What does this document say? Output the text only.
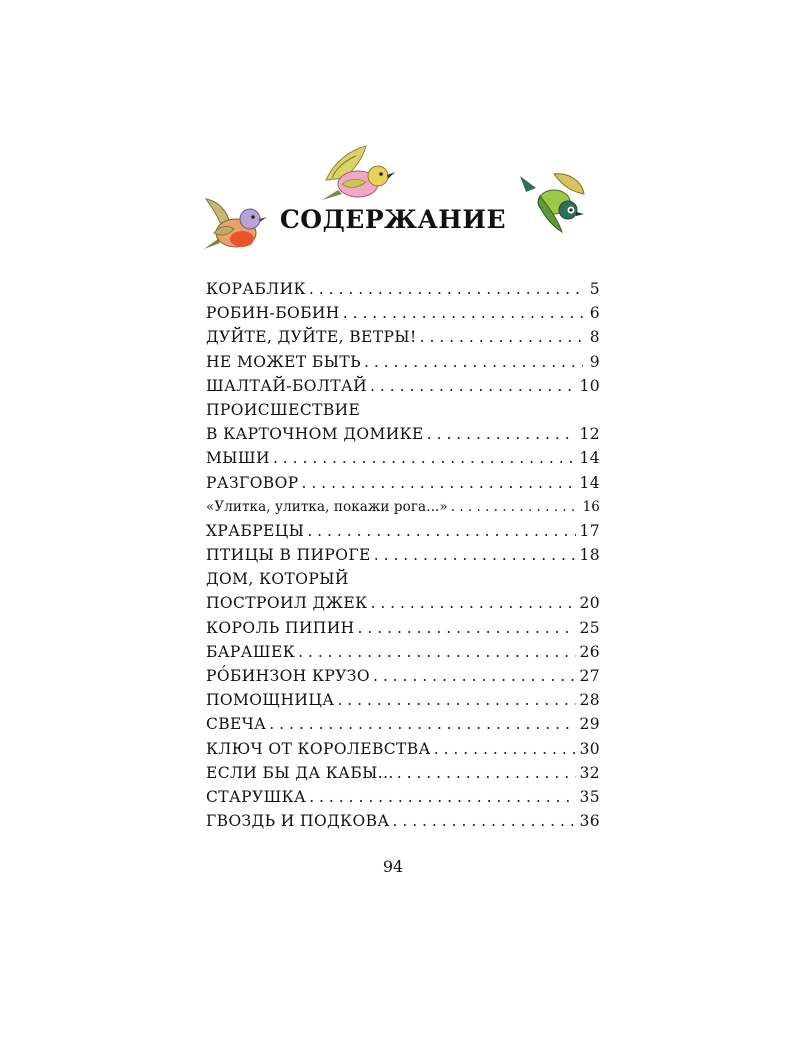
СОДЕРЖАНИЕ
КОРАБЛИК . . .	5
РОБИН-БОБИН . . .	6
ДУЙТЕ, ДУЙТЕ, ВЕТРЫ! . . .	8
НЕ МОЖЕТ БЫТЬ . . .	9
ШАЛТАЙ-БОЛТАЙ . . .	10
ПРОИСШЕСТВИЕ
В КАРТОЧНОМ ДОМИКЕ . . .	12
МЫШИ . . .	14
РАЗГОВОР . . .	14
«Улитка, улитка, покажи рога...» . . .	16
ХРАБРЕЦЫ . . .	17
ПТИЦЫ В ПИРОГЕ . . .	18
ДОМ, КОТОРЫЙ
ПОСТРОИЛ ДЖЕК . . .	20
КОРОЛЬ ПИПИН . . .	25
БАРАШЕК . . .	26
РО́БИНЗОН КРУЗО . . .	27
ПОМОЩНИЦА . . .	28
СВЕЧА . . .	29
КЛЮЧ ОТ КОРОЛЕВСТВА . . .	30
ЕСЛИ БЫ ДА КАБЫ... . . .	32
СТАРУШКА . . .	35
ГВОЗДЬ И ПОДКОВА . . .	36
94
